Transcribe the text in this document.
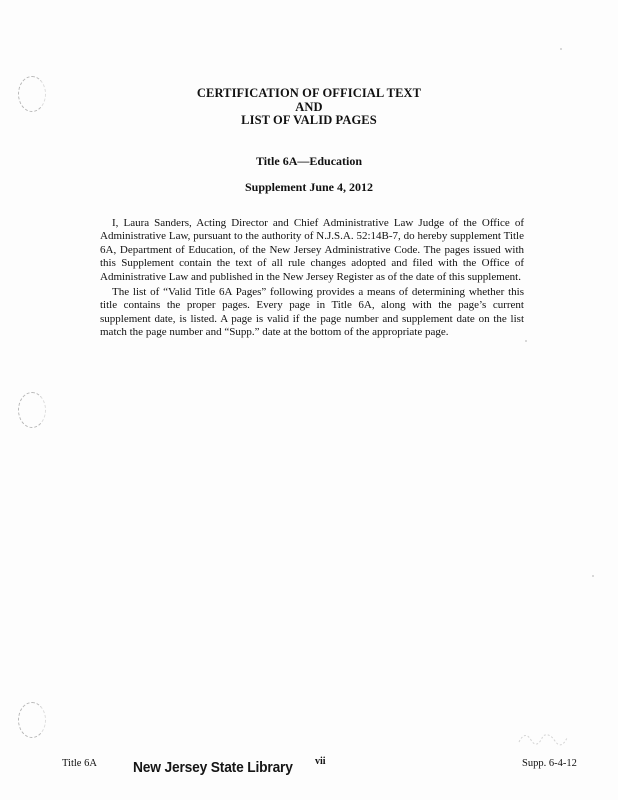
CERTIFICATION OF OFFICIAL TEXT
AND
LIST OF VALID PAGES
Title 6A—Education
Supplement June 4, 2012

I, Laura Sanders, Acting Director and Chief Administrative Law Judge of the Office of Administrative Law, pursuant to the authority of N.J.S.A. 52:14B-7, do hereby supplement Title 6A, Department of Education, of the New Jersey Administrative Code. The pages issued with this Supplement contain the text of all rule changes adopted and filed with the Office of Administrative Law and published in the New Jersey Register as of the date of this supplement.

The list of “Valid Title 6A Pages” following provides a means of determining whether this title contains the proper pages. Every page in Title 6A, along with the page’s current supplement date, is listed. A page is valid if the page number and supplement date on the list match the page number and “Supp.” date at the bottom of the appropriate page.

Title 6A New Jersey State Library vii	Supp. 6-4-12
